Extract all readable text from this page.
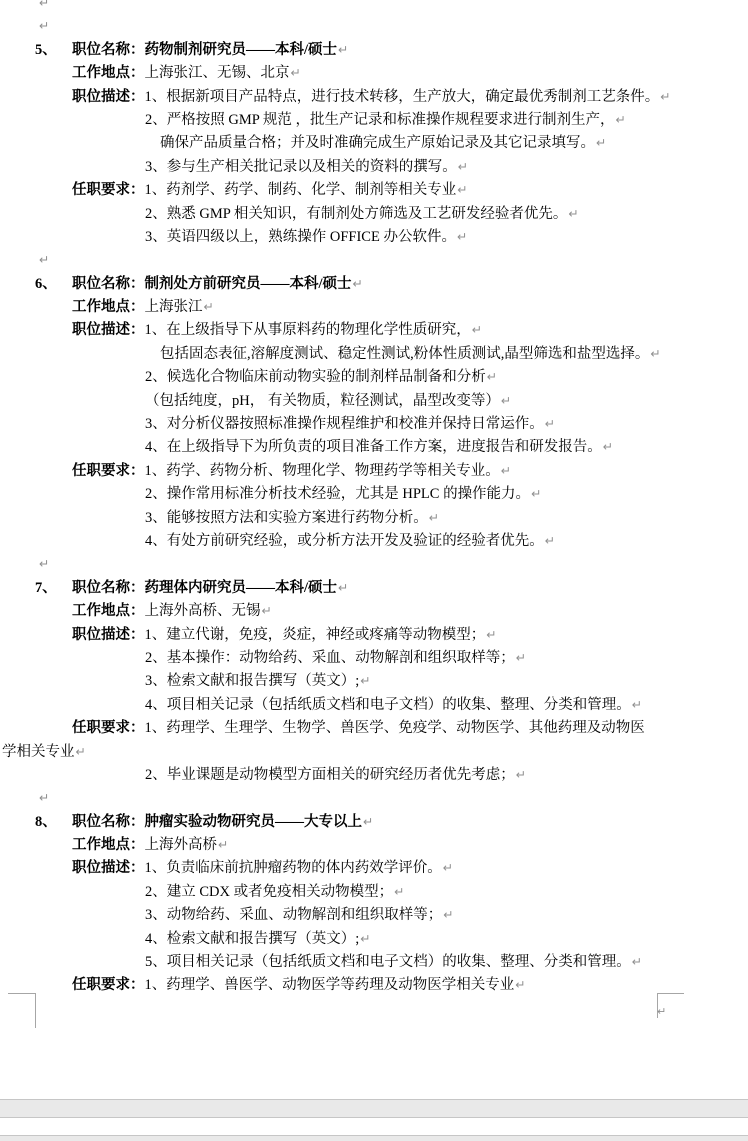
↵
↵
5、 职位名称：药物制剂研究员——本科/硕士↵
工作地点：上海张江、无锡、北京↵
职位描述：1、根据新项目产品特点，进行技术转移，生产放大，确定最优秀制剂工艺条件。↵
2、严格按照 GMP 规范 ，批生产记录和标准操作规程要求进行制剂生产，↵
确保产品质量合格；并及时准确完成生产原始记录及其它记录填写。↵
3、参与生产相关批记录以及相关的资料的撰写。↵
任职要求：1、药剂学、药学、制药、化学、制剂等相关专业↵
2、熟悉 GMP 相关知识，有制剂处方筛选及工艺研发经验者优先。↵
3、英语四级以上，熟练操作 OFFICE 办公软件。↵
↵
6、 职位名称：制剂处方前研究员——本科/硕士↵
工作地点：上海张江↵
职位描述：1、在上级指导下从事原料药的物理化学性质研究，↵
包括固态表征,溶解度测试、稳定性测试,粉体性质测试,晶型筛选和盐型选择。↵
2、候选化合物临床前动物实验的制剂样品制备和分析↵
（包括纯度，pH， 有关物质，粒径测试，晶型改变等）↵
3、对分析仪器按照标准操作规程维护和校准并保持日常运作。↵
4、在上级指导下为所负责的项目准备工作方案，进度报告和研发报告。↵
任职要求：1、药学、药物分析、物理化学、物理药学等相关专业。↵
2、操作常用标准分析技术经验，尤其是 HPLC 的操作能力。↵
3、能够按照方法和实验方案进行药物分析。↵
4、有处方前研究经验，或分析方法开发及验证的经验者优先。↵
↵
7、 职位名称：药理体内研究员——本科/硕士↵
工作地点：上海外高桥、无锡↵
职位描述：1、建立代谢，免疫，炎症，神经或疼痛等动物模型；↵
2、基本操作：动物给药、采血、动物解剖和组织取样等；↵
3、检索文献和报告撰写（英文）;↵
4、项目相关记录（包括纸质文档和电子文档）的收集、整理、分类和管理。↵
任职要求：1、药理学、生理学、生物学、兽医学、免疫学、动物医学、其他药理及动物医
学相关专业↵
2、毕业课题是动物模型方面相关的研究经历者优先考虑；↵
↵
8、 职位名称：肿瘤实验动物研究员——大专以上↵
工作地点：上海外高桥↵
职位描述：1、负责临床前抗肿瘤药物的体内药效学评价。↵
2、建立 CDX 或者免疫相关动物模型；↵
3、动物给药、采血、动物解剖和组织取样等；↵
4、检索文献和报告撰写（英文）;↵
5、项目相关记录（包括纸质文档和电子文档）的收集、整理、分类和管理。↵
任职要求：1、药理学、兽医学、动物医学等药理及动物医学相关专业↵
↵
